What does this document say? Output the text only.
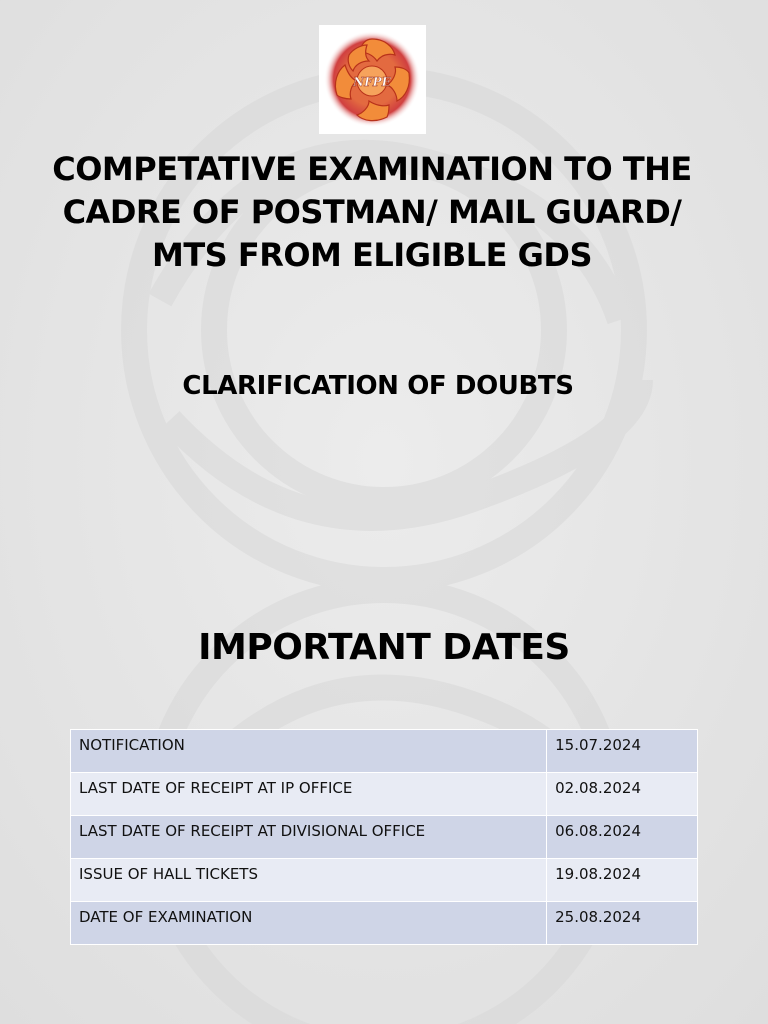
NFPE
COMPETATIVE EXAMINATION TO THE CADRE OF POSTMAN/ MAIL GUARD/ MTS FROM ELIGIBLE GDS
CLARIFICATION OF DOUBTS
IMPORTANT DATES
NOTIFICATION	15.07.2024
LAST DATE OF RECEIPT AT IP OFFICE	02.08.2024
LAST DATE OF RECEIPT AT DIVISIONAL OFFICE	06.08.2024
ISSUE OF HALL TICKETS	19.08.2024
DATE OF EXAMINATION	25.08.2024
